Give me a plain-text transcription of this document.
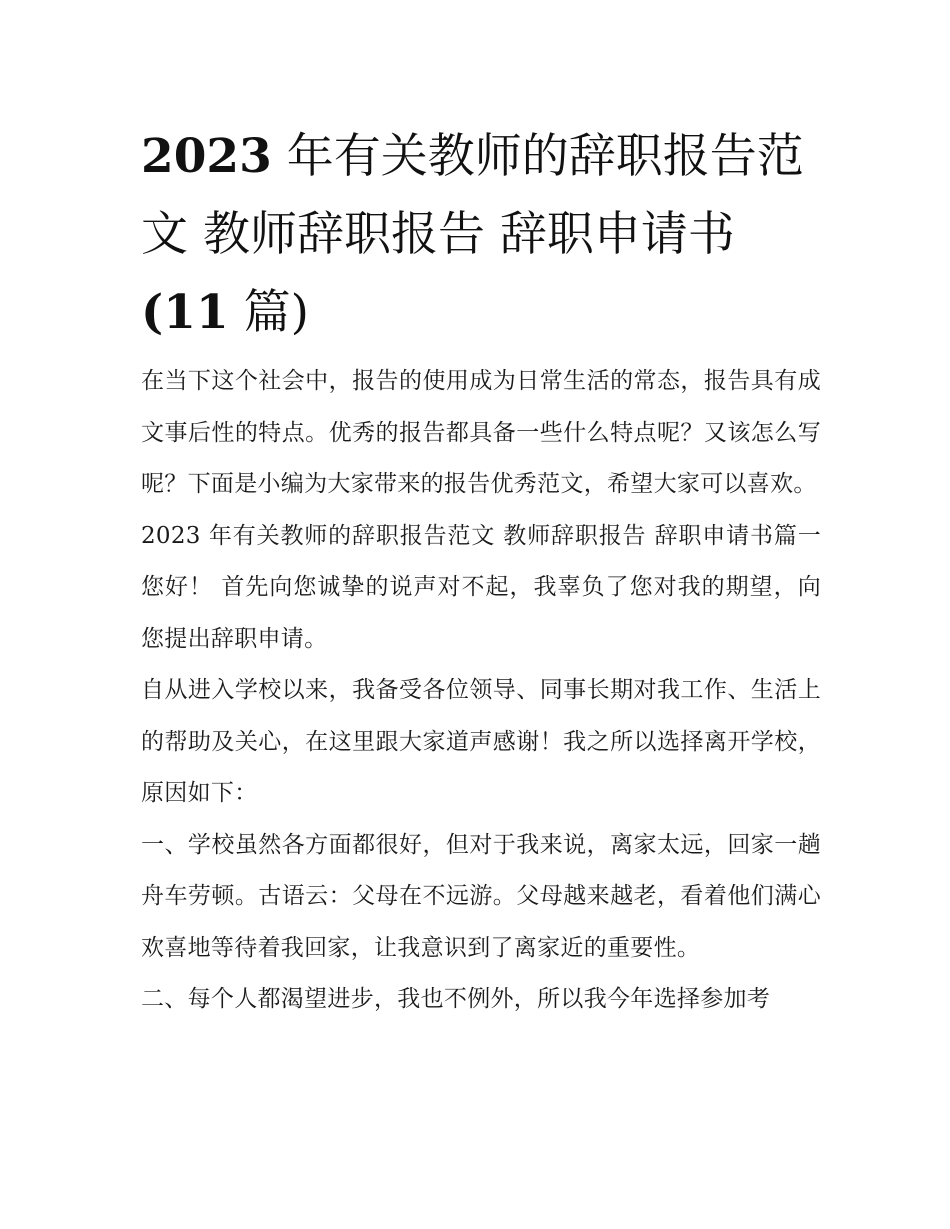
2023 年有关教师的辞职报告范文 教师辞职报告 辞职申请书
(11 篇)

在当下这个社会中，报告的使用成为日常生活的常态，报告具有成文事后性的特点。优秀的报告都具备一些什么特点呢？又该怎么写呢？下面是小编为大家带来的报告优秀范文，希望大家可以喜欢。

2023 年有关教师的辞职报告范文 教师辞职报告 辞职申请书篇一 您好！ 首先向您诚挚的说声对不起，我辜负了您对我的期望，向您提出辞职申请。

自从进入学校以来，我备受各位领导、同事长期对我工作、生活上的帮助及关心，在这里跟大家道声感谢！我之所以选择离开学校，原因如下：

一、学校虽然各方面都很好，但对于我来说，离家太远，回家一趟舟车劳顿。古语云：父母在不远游。父母越来越老，看着他们满心欢喜地等待着我回家，让我意识到了离家近的重要性。

二、每个人都渴望进步，我也不例外，所以我今年选择参加考
